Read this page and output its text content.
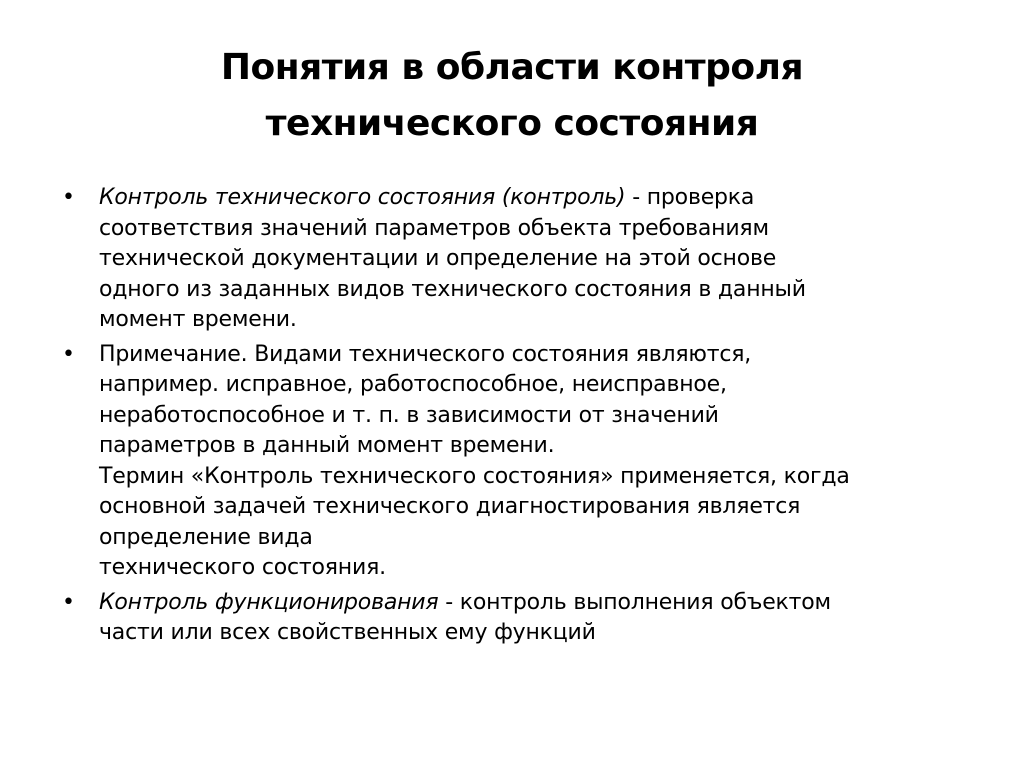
Понятия в области контроля
технического состояния
•	Контроль технического состояния (контроль) - проверка
соответствия значений параметров объекта требованиям
технической документации и определение на этой основе
одного из заданных видов технического состояния в данный
момент времени.
•	Примечание. Видами технического состояния являются,
например. исправное, работоспособное, неисправное,
неработоспособное и т. п. в зависимости от значений
параметров в данный момент времени.
Термин «Контроль технического состояния» применяется, когда
основной задачей технического диагностирования является
определение вида
технического состояния.
•	Контроль функционирования - контроль выполнения объектом
части или всех свойственных ему функций
